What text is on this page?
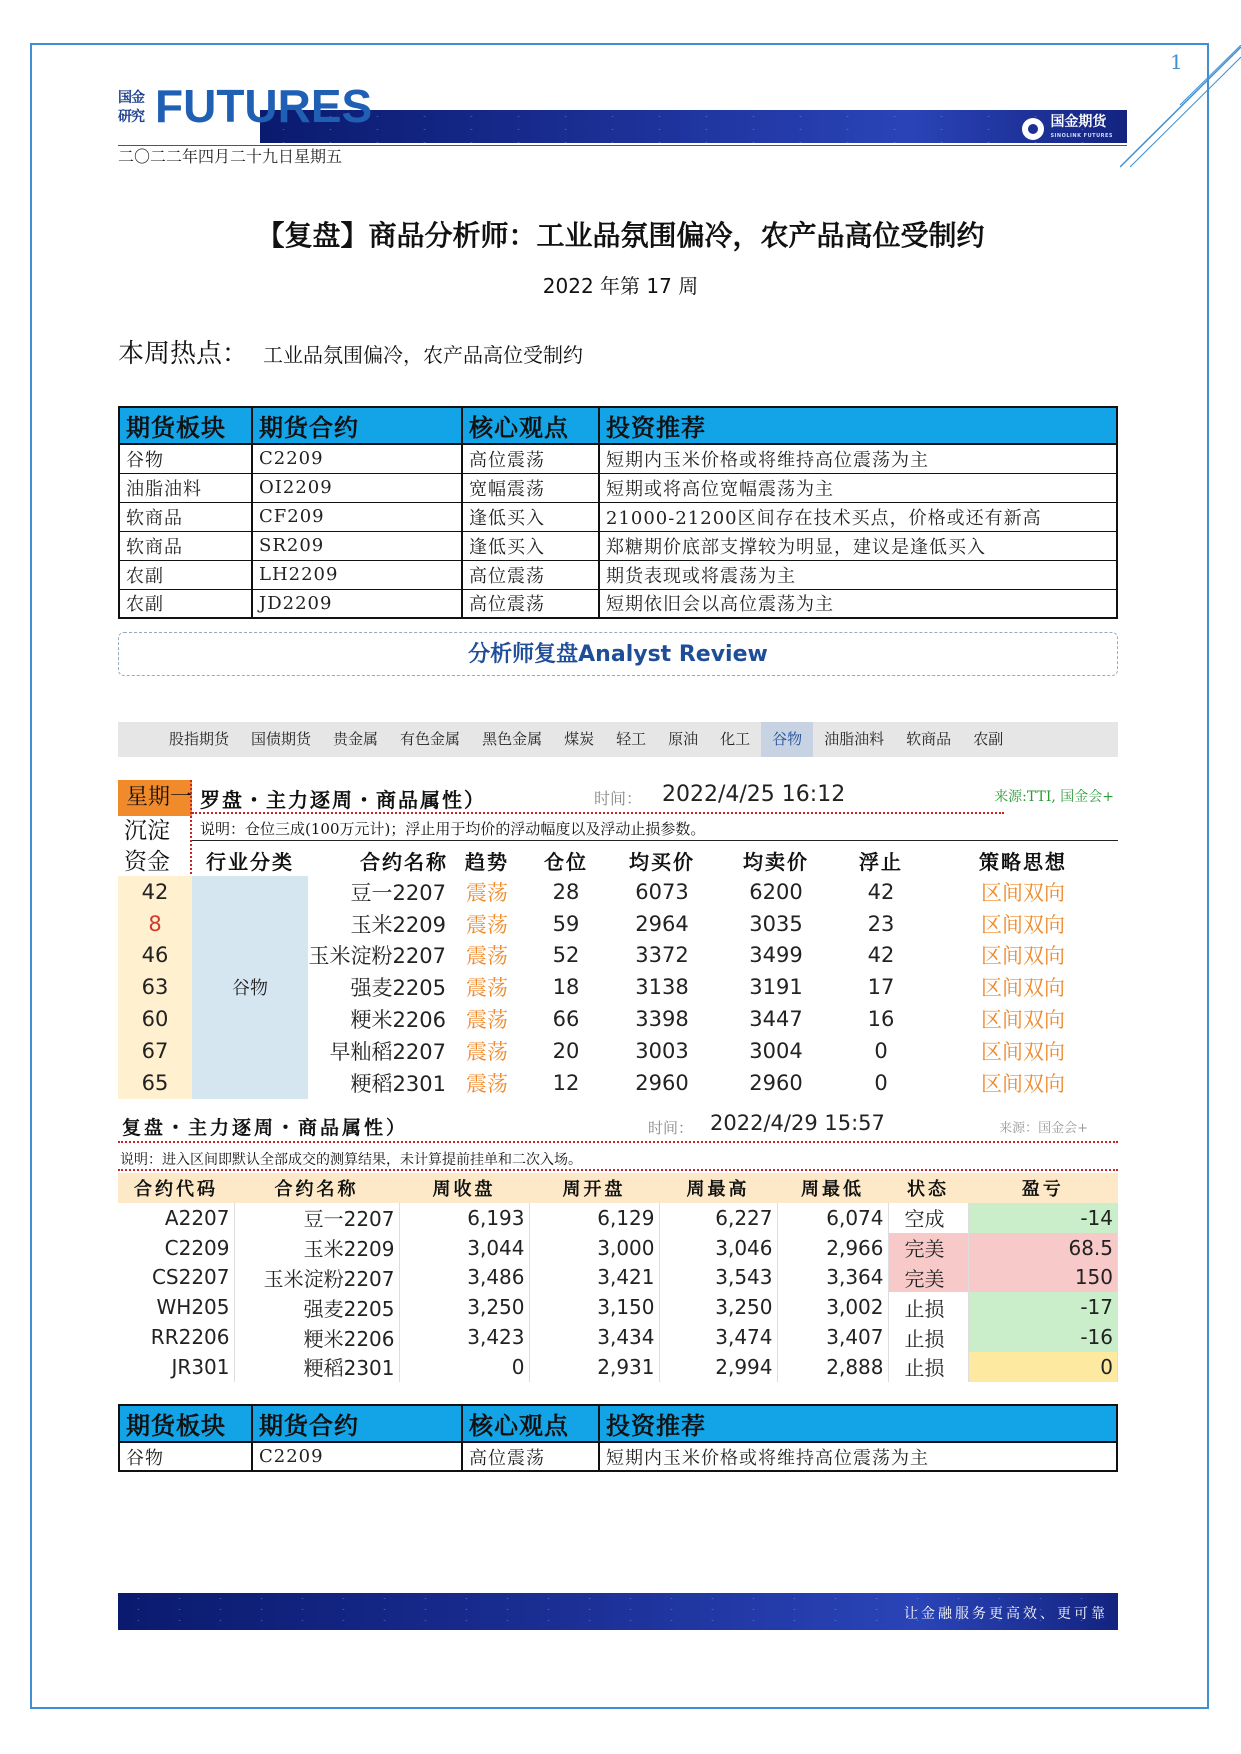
1
国金期货
SINOLINK FUTURES
国金
研究 FUTURES
二〇二二年四月二十九日星期五
【复盘】商品分析师：工业品氛围偏冷，农产品高位受制约
2022 年第 17 周
本周热点： 工业品氛围偏冷，农产品高位受制约
期货板块	期货合约	核心观点	投资推荐
谷物	C2209	高位震荡	短期内玉米价格或将维持高位震荡为主
油脂油料	OI2209	宽幅震荡	短期或将高位宽幅震荡为主
软商品	CF209	逢低买入	21000-21200区间存在技术买点，价格或还有新高
软商品	SR209	逢低买入	郑糖期价底部支撑较为明显，建议是逢低买入
农副	LH2209	高位震荡	期货表现或将震荡为主
农副	JD2209	高位震荡	短期依旧会以高位震荡为主
分析师复盘Analyst Review
股指期货	国债期货	贵金属	有色金属	黑色金属	煤炭	轻工	原油	化工	谷物	油脂油料	软商品	农副
星期一
沉淀
资金
罗盘・主力逐周・商品属性）	时间： 2022/4/25 16:12	来源:TTI, 国金会+
说明：仓位三成(100万元计)；浮止用于均价的浮动幅度以及浮动止损参数。
	行业分类	合约名称	趋势	仓位	均买价	均卖价	浮止	策略思想
42	谷物	豆一2207	震荡	28	6073	6200	42	区间双向
8		玉米2209	震荡	59	2964	3035	23	区间双向
46		玉米淀粉2207	震荡	52	3372	3499	42	区间双向
63		强麦2205	震荡	18	3138	3191	17	区间双向
60		粳米2206	震荡	66	3398	3447	16	区间双向
67		早籼稻2207	震荡	20	3003	3004	0	区间双向
65		粳稻2301	震荡	12	2960	2960	0	区间双向
复盘・主力逐周・商品属性）	时间： 2022/4/29 15:57	来源：国金会+
说明：进入区间即默认全部成交的测算结果，未计算提前挂单和二次入场。
合约代码	合约名称	周收盘	周开盘	周最高	周最低	状态	盈亏
A2207	豆一2207	6,193	6,129	6,227	6,074	空成	-14
C2209	玉米2209	3,044	3,000	3,046	2,966	完美	68.5
CS2207	玉米淀粉2207	3,486	3,421	3,543	3,364	完美	150
WH205	强麦2205	3,250	3,150	3,250	3,002	止损	-17
RR2206	粳米2206	3,423	3,434	3,474	3,407	止损	-16
JR301	粳稻2301	0	2,931	2,994	2,888	止损	0
期货板块	期货合约	核心观点	投资推荐
谷物	C2209	高位震荡	短期内玉米价格或将维持高位震荡为主
让金融服务更高效、更可靠
